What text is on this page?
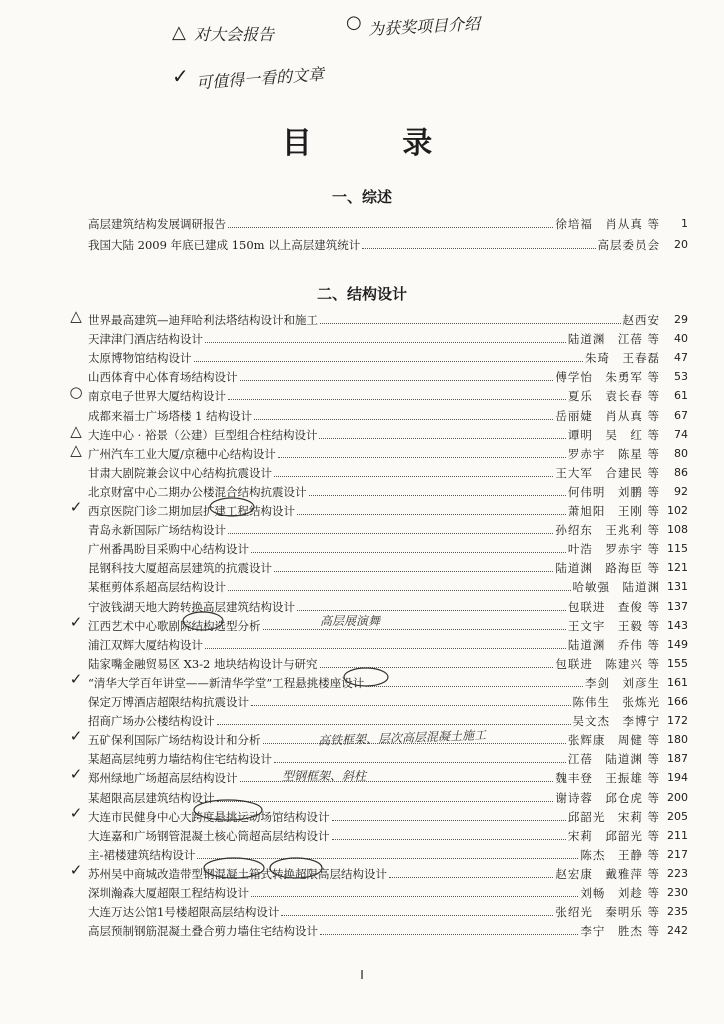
△ 对大会报告
○ 为获奖项目介绍
✓ 可值得一看的文章
目 录
一、综述
高层建筑结构发展调研报告	徐培福　肖从真 等	1
我国大陆 2009 年底已建成 150m 以上高层建筑统计	高层委员会	20
二、结构设计
世界最高建筑—迪拜哈利法塔结构设计和施工	赵西安	29
△
天津津门酒店结构设计	陆道渊　江蓓 等	40
太原博物馆结构设计	朱琦　王春磊	47
山西体育中心体育场结构设计	傅学怡　朱勇军 等	53
南京电子世界大厦结构设计	夏乐　袁长春 等	61
○
成都来福士广场塔楼 1 结构设计	岳丽婕　肖从真 等	67
大连中心 · 裕景（公建）巨型组合柱结构设计	谭明　吴　红 等	74
△
广州汽车工业大厦/京穗中心结构设计	罗赤宇　陈星 等	80
△
甘肃大剧院兼会议中心结构抗震设计	王大军　合建民 等	86
北京财富中心二期办公楼混合结构抗震设计	何伟明　刘鹏 等	92
西京医院门诊二期加层扩建工程结构设计	萧旭阳　王刚 等 102
✓
青岛永新国际广场结构设计	孙绍东　王兆利 等 108
广州番禺盼目采购中心结构设计	叶浩　罗赤宇 等 115
昆钢科技大厦超高层建筑的抗震设计	陆道渊　路海臣 等 121
某框剪体系超高层结构设计	哈敏强　陆道渊 131
宁波钱湖天地大跨转换高层建筑结构设计	包联进　查俊 等 137
江西艺术中心歌剧院结构选型分析	王文宇　王毅 等 143
✓
浦江双辉大厦结构设计	陆道渊　乔伟 等 149
陆家嘴金融贸易区 X3-2 地块结构设计与研究	包联进　陈建兴 等 155
“清华大学百年讲堂——新清华学堂”工程悬挑楼座设计	李剑　刘彦生 161
✓
保定万博酒店超限结构抗震设计	陈伟生　张炼光 166
招商广场办公楼结构设计	吴文杰　李博宁 172
五矿保利国际广场结构设计和分析	张辉康　周健 等 180
✓
某超高层纯剪力墙结构住宅结构设计	江蓓　陆道渊 等 187
郑州绿地广场超高层结构设计	魏丰登　王振雄 等 194
✓
某超限高层建筑结构设计	谢诗蓉　邱仓虎 等 200
大连市民健身中心大跨度悬挑运动场馆结构设计	邱韶光　宋莉 等 205
✓
大连嘉和广场钢管混凝土核心筒超高层结构设计	宋莉　邱韶光 等 211
主-裙楼建筑结构设计	陈杰　王静 等 217
苏州吴中商城改造带型钢混凝土箱式转换超限高层结构设计	赵宏康　戴雅萍 等 223
✓
深圳瀚森大厦超限工程结构设计	刘畅　刘趁 等 230
大连万达公馆1号楼超限高层结构设计	张绍光　秦明乐 等 235
高层预制钢筋混凝土叠合剪力墙住宅结构设计	李宁　胜杰 等 242
高层展演舞
高铁框架、层次高层混凝土施工
型钢框架、斜柱
I
